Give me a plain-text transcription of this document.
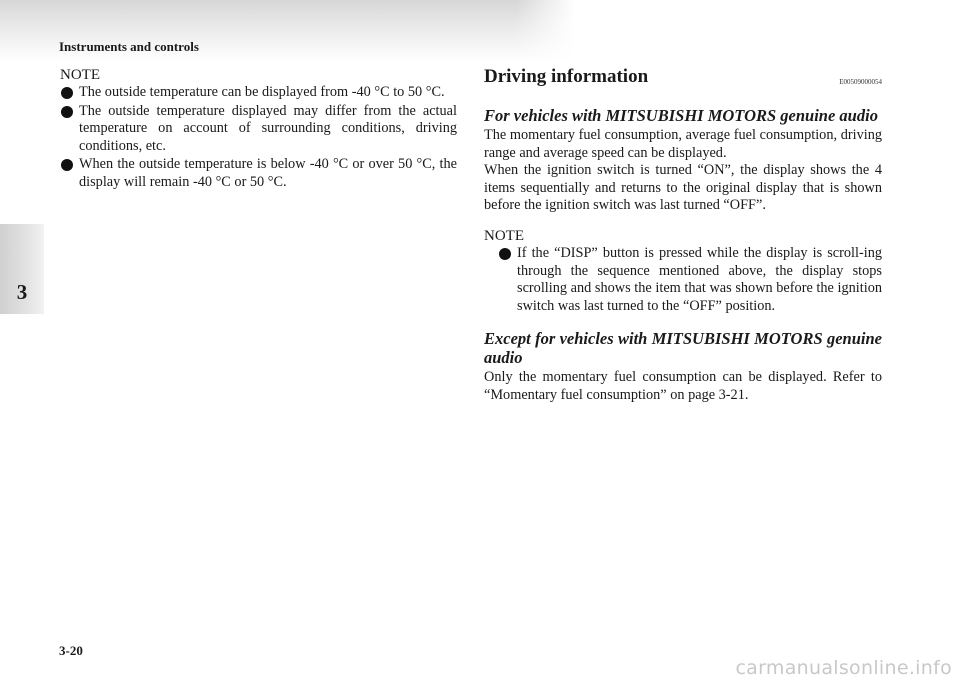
Instruments and controls
3
NOTE
The outside temperature can be displayed from -40 °C to 50 °C.
The outside temperature displayed may differ from the actual temperature on account of surrounding conditions, driving conditions, etc.
When the outside temperature is below -40 °C or over 50 °C, the display will remain -40 °C or 50 °C.
Driving information	E00509000054
For vehicles with MITSUBISHI MOTORS genuine audio

The momentary fuel consumption, average fuel consumption, driving range and average speed can be displayed.

When the ignition switch is turned “ON”, the display shows the 4 items sequentially and returns to the original display that is shown before the ignition switch was last turned “OFF”.

NOTE
If the “DISP” button is pressed while the display is scroll-ing through the sequence mentioned above, the display stops scrolling and shows the item that was shown before the ignition switch was last turned to the “OFF” position.
Except for vehicles with MITSUBISHI MOTORS genuine audio

Only the momentary fuel consumption can be displayed. Refer to “Momentary fuel consumption” on page 3-21.

3-20
carmanualsonline.info
